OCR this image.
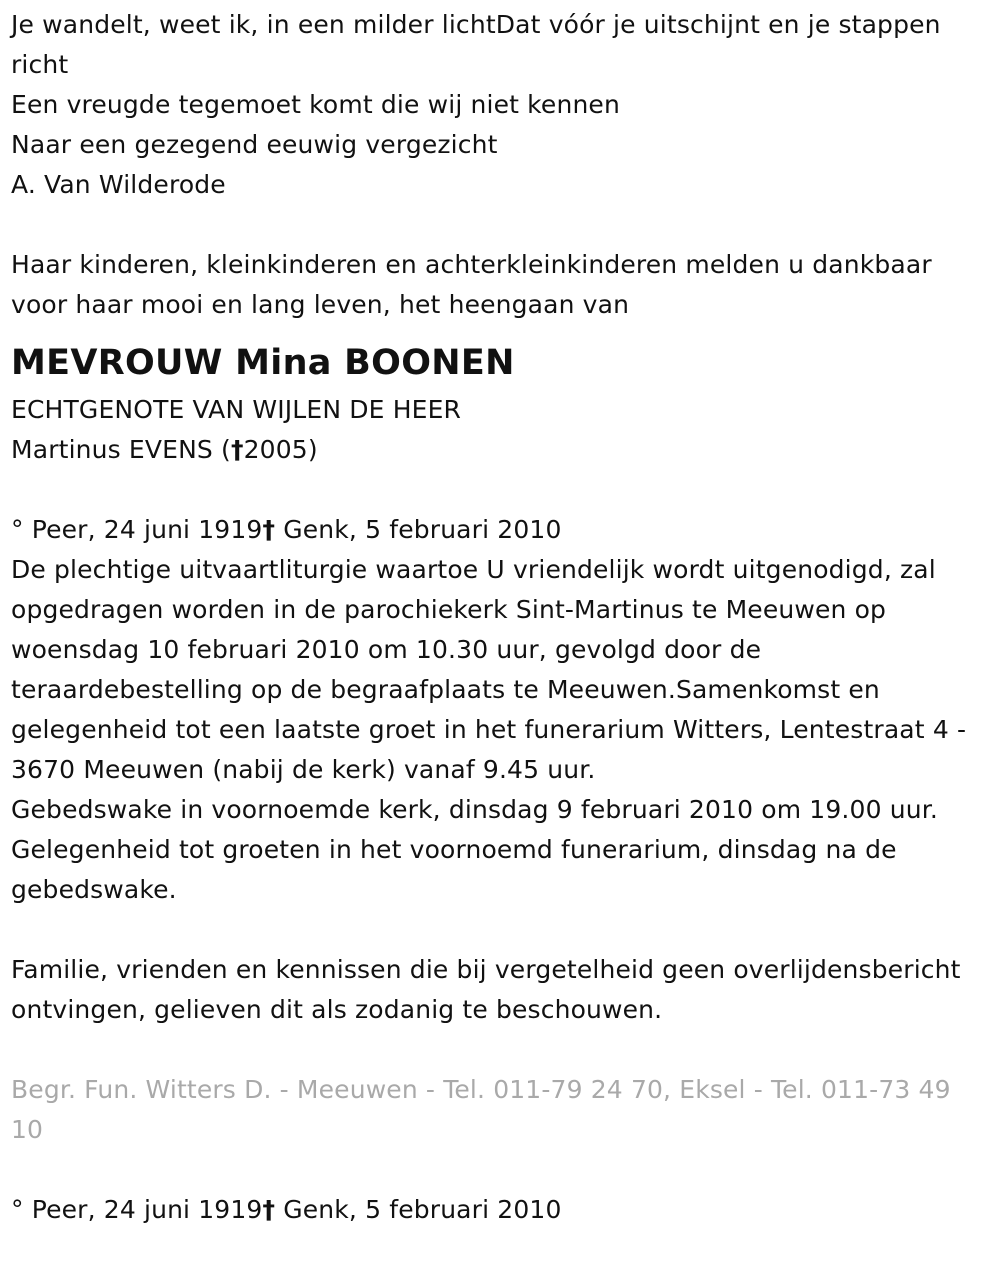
Je wandelt, weet ik, in een milder lichtDat vóór je uitschijnt en je stappen richt

Een vreugde tegemoet komt die wij niet kennen

Naar een gezegend eeuwig vergezicht

A. Van Wilderode

Haar kinderen, kleinkinderen en achterkleinkinderen melden u dankbaar voor haar mooi en lang leven, het heengaan van

MEVROUW Mina BOONEN

ECHTGENOTE VAN WIJLEN DE HEER

Martinus EVENS (†2005)

° Peer, 24 juni 1919† Genk, 5 februari 2010

De plechtige uitvaartliturgie waartoe U vriendelijk wordt uitgenodigd, zal opgedragen worden in de parochiekerk Sint-Martinus te Meeuwen op woensdag 10 februari 2010 om 10.30 uur, gevolgd door de teraardebestelling op de begraafplaats te Meeuwen.Samenkomst en gelegenheid tot een laatste groet in het funerarium Witters, Lentestraat 4 - 3670 Meeuwen (nabij de kerk) vanaf 9.45 uur.

Gebedswake in voornoemde kerk, dinsdag 9 februari 2010 om 19.00 uur.

Gelegenheid tot groeten in het voornoemd funerarium, dinsdag na de gebedswake.

Familie, vrienden en kennissen die bij vergetelheid geen overlijdensbericht ontvingen, gelieven dit als zodanig te beschouwen.

Begr. Fun. Witters D. - Meeuwen - Tel. 011-79 24 70, Eksel - Tel. 011-73 49 10

° Peer, 24 juni 1919† Genk, 5 februari 2010
